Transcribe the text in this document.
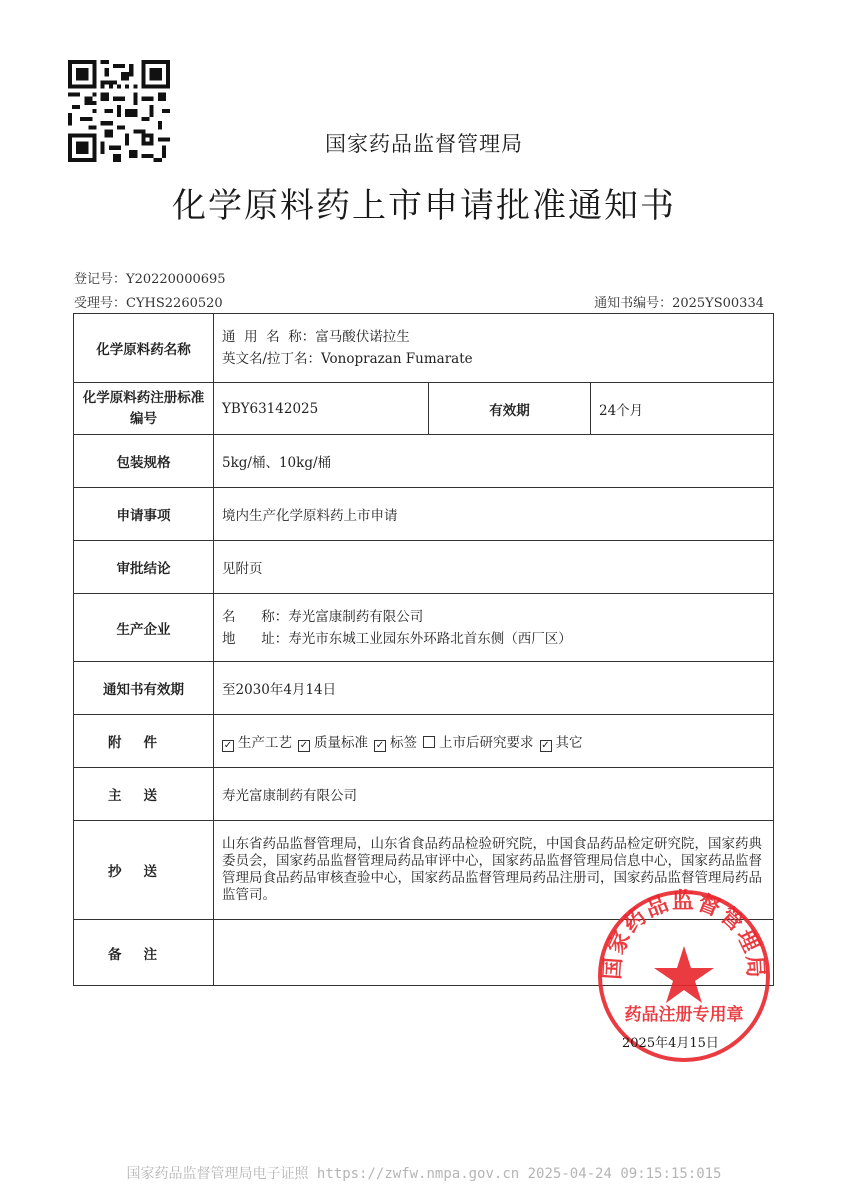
国家药品监督管理局
化学原料药上市申请批准通知书
登记号：Y20220000695
受理号：CYHS2260520	通知书编号：2025YS00334
化学原料药名称	通  用  名  称：富马酸伏诺拉生
英文名/拉丁名：Vonoprazan Fumarate		

化学原料药注册标准编号	YBY63142025	有效期	24个月
包装规格	5kg/桶、10kg/桶		
申请事项	境内生产化学原料药上市申请		
审批结论	见附页		
生产企业	名      称：寿光富康制药有限公司
地      址：寿光市东城工业园东外环路北首东侧（西厂区）		

通知书有效期	至2030年4月14日		
附件	✓ 生产工艺 ✓ 质量标准 ✓ 标签 上市后研究要求 ✓ 其它		
主送	寿光富康制药有限公司		
抄送	山东省药品监督管理局，山东省食品药品检验研究院，中国食品药品检定研究院，国家药典委员会，国家药品监督管理局药品审评中心，国家药品监督管理局信息中心，国家药品监督管理局食品药品审核查验中心，国家药品监督管理局药品注册司，国家药品监督管理局药品监管司。		
备注			
国家药品监督管理局
药品注册专用章
2025年4月15日
国家药品监督管理局电子证照 https://zwfw.nmpa.gov.cn 2025-04-24 09:15:15:015
